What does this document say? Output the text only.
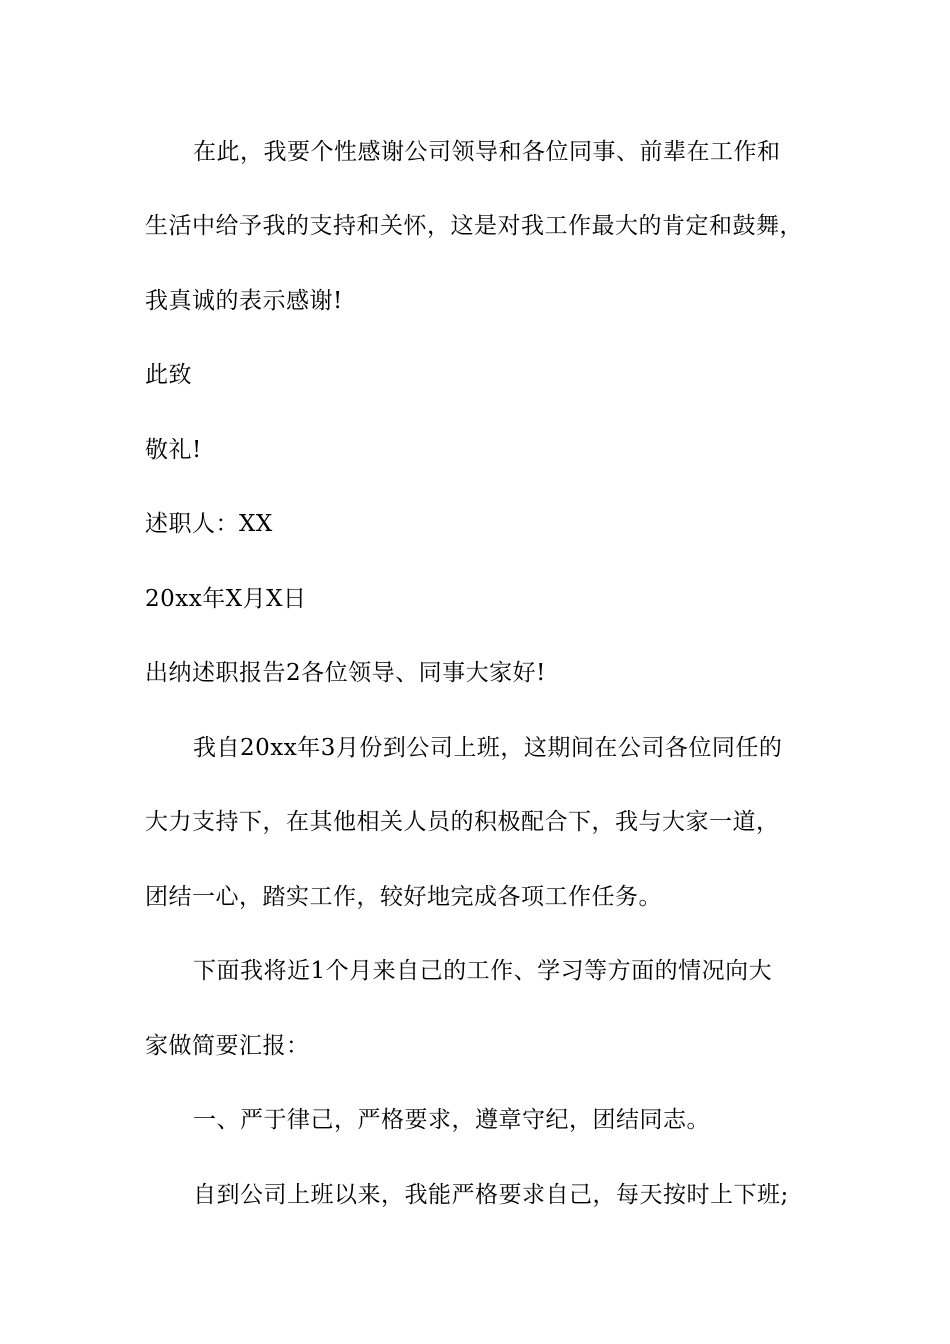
在此，我要个性感谢公司领导和各位同事、前辈在工作和
生活中给予我的支持和关怀，这是对我工作最大的肯定和鼓舞，
我真诚的表示感谢!
此致
敬礼!
述职人：XX
20xx年X月X日
出纳述职报告2各位领导、同事大家好!
我自20xx年3月份到公司上班，这期间在公司各位同任的
大力支持下，在其他相关人员的积极配合下，我与大家一道，
团结一心，踏实工作，较好地完成各项工作任务。
下面我将近1个月来自己的工作、学习等方面的情况向大
家做简要汇报：
一、严于律己，严格要求，遵章守纪，团结同志。
自到公司上班以来，我能严格要求自己，每天按时上下班;
